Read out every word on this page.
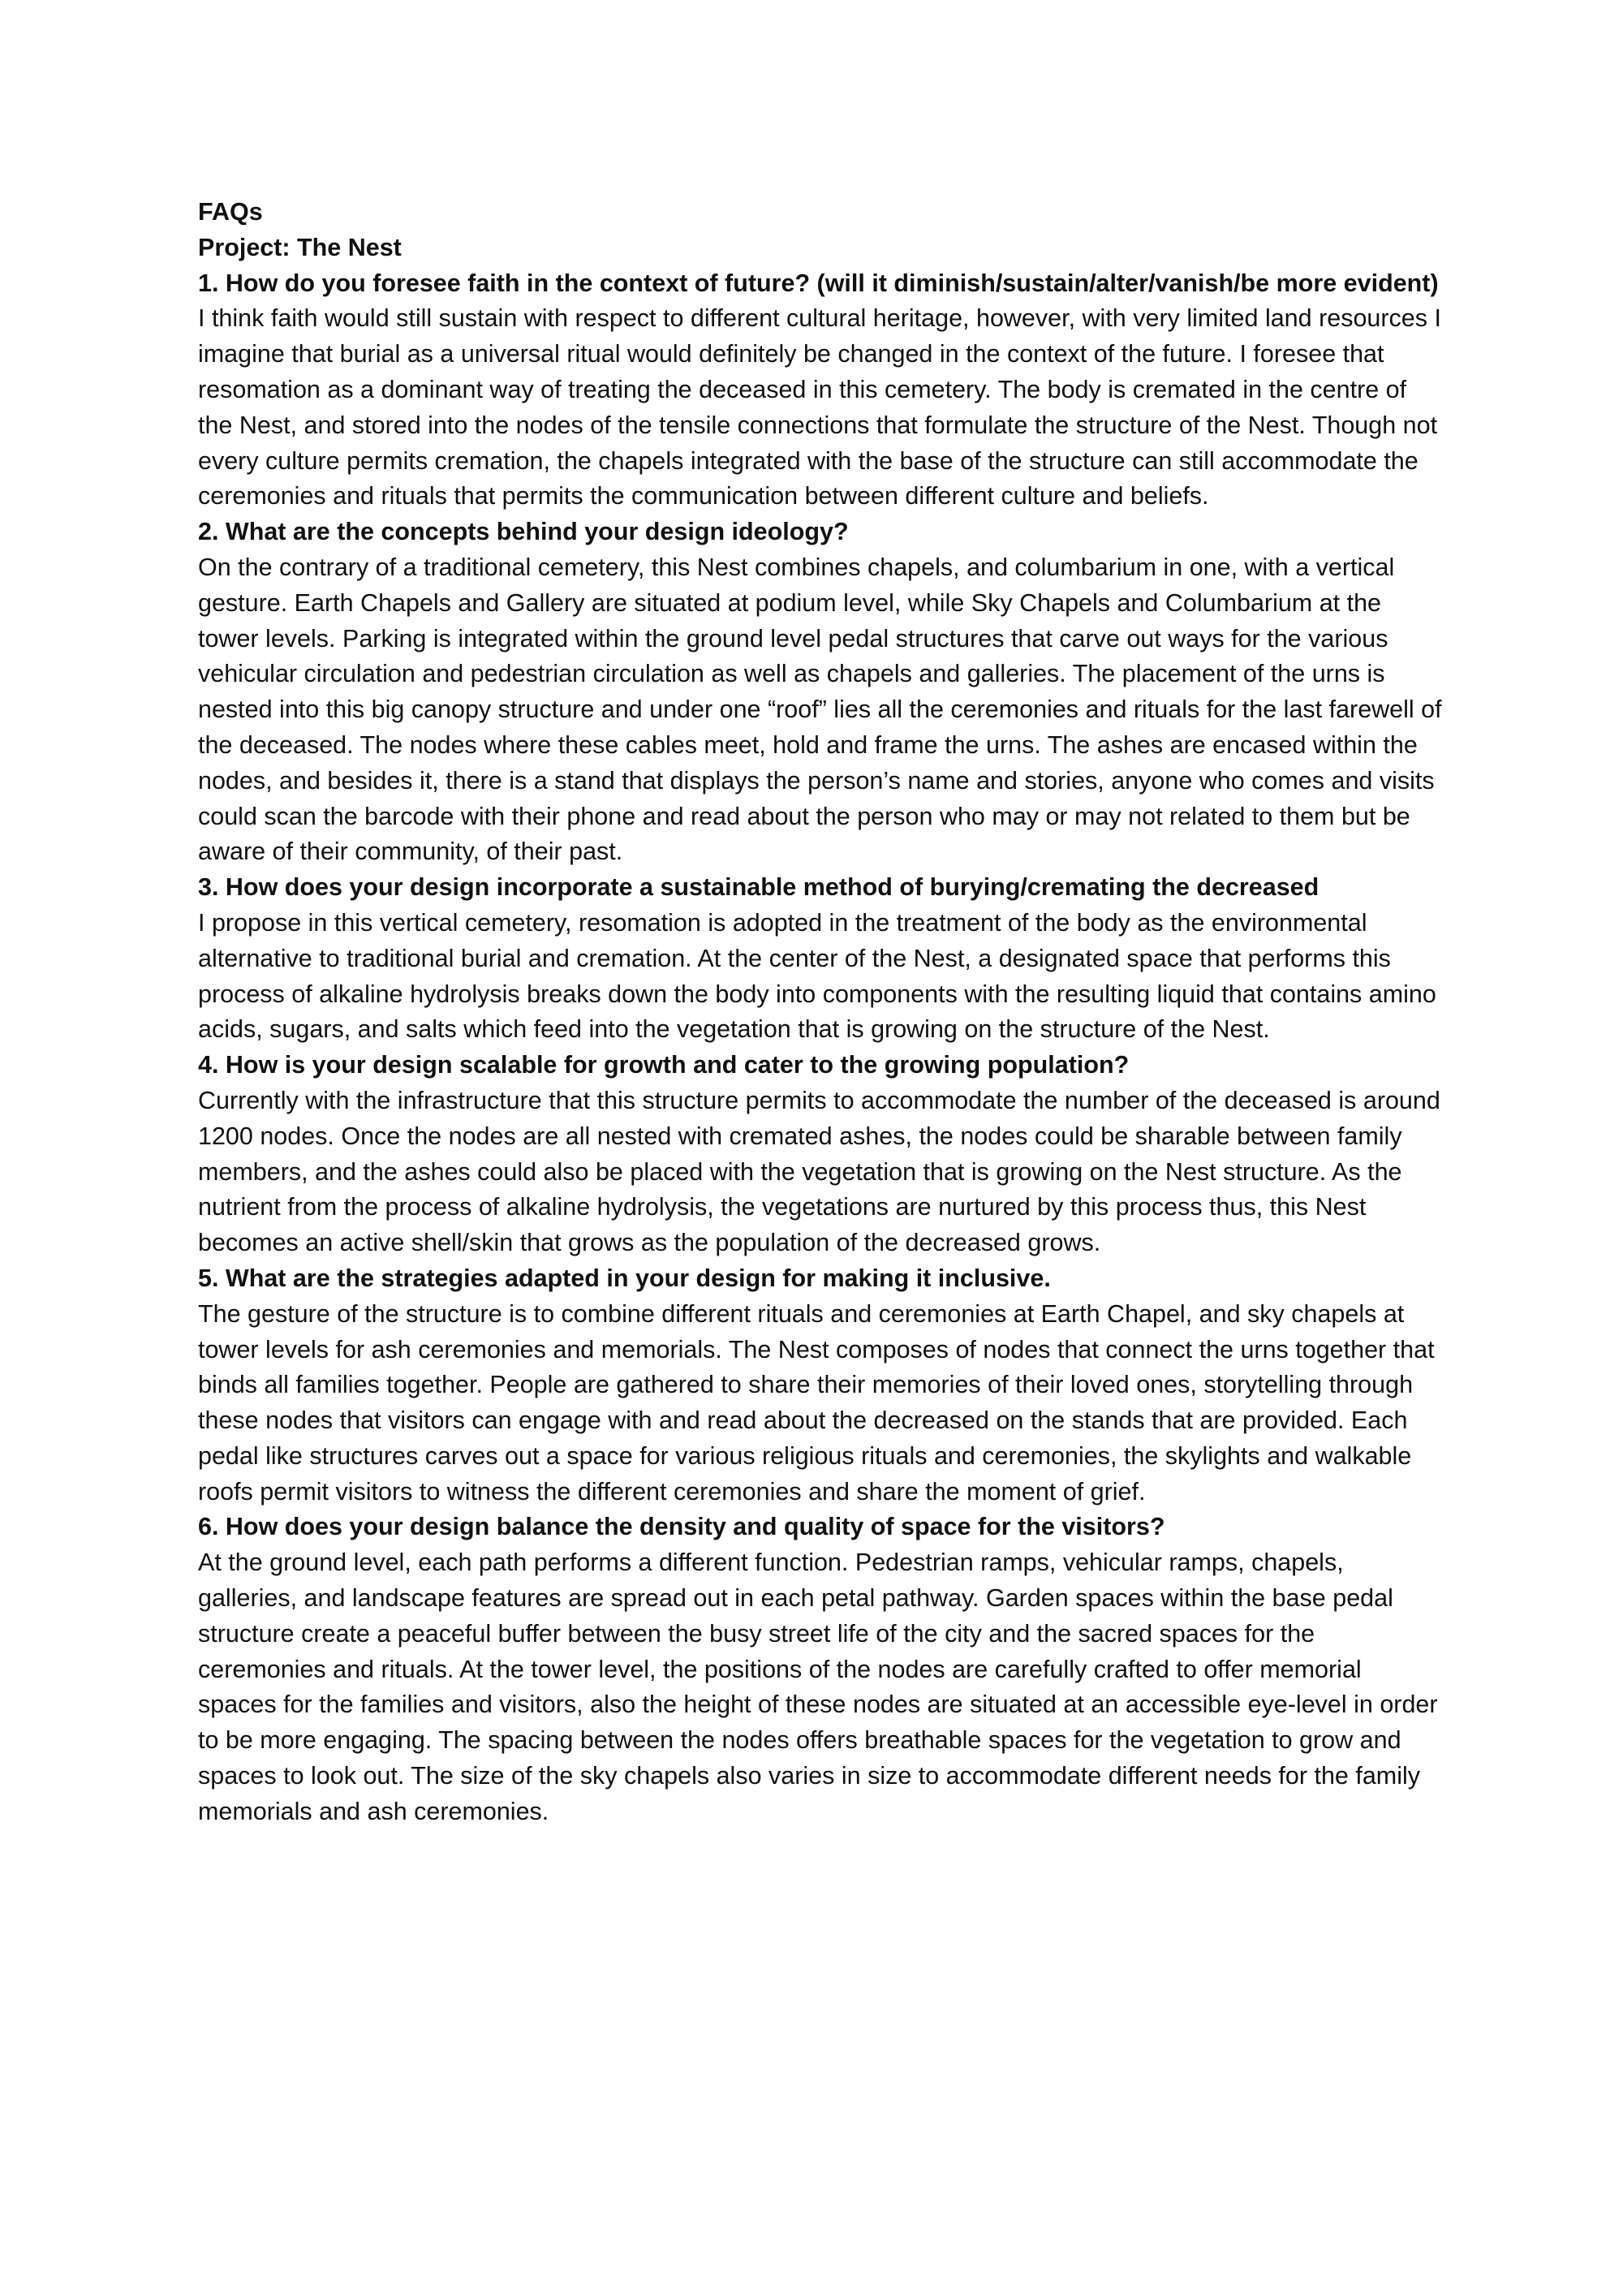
FAQs

Project: The Nest

1. How do you foresee faith in the context of future? (will it diminish/sustain/alter/vanish/be more evident)

I think faith would still sustain with respect to different cultural heritage, however, with very limited land resources I imagine that burial as a universal ritual would definitely be changed in the context of the future. I foresee that resomation as a dominant way of treating the deceased in this cemetery. The body is cremated in the centre of the Nest, and stored into the nodes of the tensile connections that formulate the structure of the Nest. Though not every culture permits cremation, the chapels integrated with the base of the structure can still accommodate the ceremonies and rituals that permits the communication between different culture and beliefs.

2. What are the concepts behind your design ideology?

On the contrary of a traditional cemetery, this Nest combines chapels, and columbarium in one, with a vertical gesture. Earth Chapels and Gallery are situated at podium level, while Sky Chapels and Columbarium at the tower levels. Parking is integrated within the ground level pedal structures that carve out ways for the various vehicular circulation and pedestrian circulation as well as chapels and galleries. The placement of the urns is nested into this big canopy structure and under one “roof” lies all the ceremonies and rituals for the last farewell of the deceased. The nodes where these cables meet, hold and frame the urns. The ashes are encased within the nodes, and besides it, there is a stand that displays the person’s name and stories, anyone who comes and visits could scan the barcode with their phone and read about the person who may or may not related to them but be aware of their community, of their past.

3. How does your design incorporate a sustainable method of burying/cremating the decreased

I propose in this vertical cemetery, resomation is adopted in the treatment of the body as the environmental alternative to traditional burial and cremation. At the center of the Nest, a designated space that performs this process of alkaline hydrolysis breaks down the body into components with the resulting liquid that contains amino acids, sugars, and salts which feed into the vegetation that is growing on the structure of the Nest.

4. How is your design scalable for growth and cater to the growing population?

Currently with the infrastructure that this structure permits to accommodate the number of the deceased is around 1200 nodes. Once the nodes are all nested with cremated ashes, the nodes could be sharable between family members, and the ashes could also be placed with the vegetation that is growing on the Nest structure. As the nutrient from the process of alkaline hydrolysis, the vegetations are nurtured by this process thus, this Nest becomes an active shell/skin that grows as the population of the decreased grows.

5. What are the strategies adapted in your design for making it inclusive.

The gesture of the structure is to combine different rituals and ceremonies at Earth Chapel, and sky chapels at tower levels for ash ceremonies and memorials. The Nest composes of nodes that connect the urns together that binds all families together. People are gathered to share their memories of their loved ones, storytelling through these nodes that visitors can engage with and read about the decreased on the stands that are provided. Each pedal like structures carves out a space for various religious rituals and ceremonies, the skylights and walkable roofs permit visitors to witness the different ceremonies and share the moment of grief.

6. How does your design balance the density and quality of space for the visitors?

At the ground level, each path performs a different function. Pedestrian ramps, vehicular ramps, chapels, galleries, and landscape features are spread out in each petal pathway. Garden spaces within the base pedal structure create a peaceful buffer between the busy street life of the city and the sacred spaces for the ceremonies and rituals. At the tower level, the positions of the nodes are carefully crafted to offer memorial spaces for the families and visitors, also the height of these nodes are situated at an accessible eye-level in order to be more engaging. The spacing between the nodes offers breathable spaces for the vegetation to grow and spaces to look out. The size of the sky chapels also varies in size to accommodate different needs for the family memorials and ash ceremonies.
